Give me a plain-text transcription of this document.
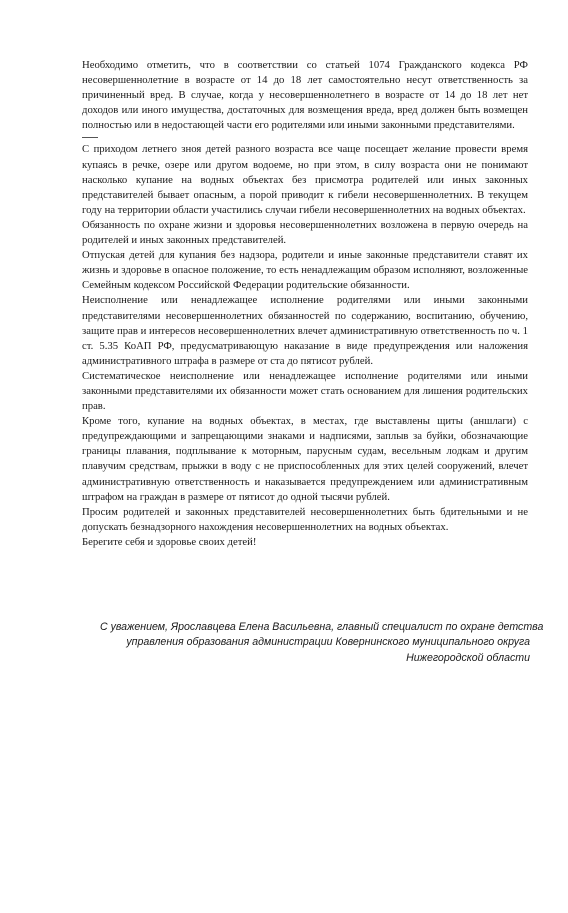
Необходимо отметить, что в соответствии со статьей 1074 Гражданского кодекса РФ несовершеннолетние в возрасте от 14 до 18 лет самостоятельно несут ответственность за причиненный вред. В случае, когда у несовершеннолетнего в возрасте от 14 до 18 лет нет доходов или иного имущества, достаточных для возмещения вреда, вред должен быть возмещен полностью или в недостающей части его родителями или иными законными представителями.

С приходом летнего зноя детей разного возраста все чаще посещает желание провести время купаясь в речке, озере или другом водоеме, но при этом, в силу возраста они не понимают насколько купание на водных объектах без присмотра родителей или иных законных представителей бывает опасным, а порой приводит к гибели несовершеннолетних. В текущем году на территории области участились случаи гибели несовершеннолетних на водных объектах.

Обязанность по охране жизни и здоровья несовершеннолетних возложена в первую очередь на родителей и иных законных представителей.

Отпуская детей для купания без надзора, родители и иные законные представители ставят их жизнь и здоровье в опасное положение, то есть ненадлежащим образом исполняют, возложенные Семейным кодексом Российской Федерации родительские обязанности.

Неисполнение или ненадлежащее исполнение родителями или иными законными представителями несовершеннолетних обязанностей по содержанию, воспитанию, обучению, защите прав и интересов несовершеннолетних влечет административную ответственность по ч. 1 ст. 5.35 КоАП РФ, предусматривающую наказание в виде предупреждения или наложения административного штрафа в размере от ста до пятисот рублей.

Систематическое неисполнение или ненадлежащее исполнение родителями или иными законными представителями их обязанности может стать основанием для лишения родительских прав.

Кроме того, купание на водных объектах, в местах, где выставлены щиты (аншлаги) с предупреждающими и запрещающими знаками и надписями, заплыв за буйки, обозначающие границы плавания, подплывание к моторным, парусным судам, весельным лодкам и другим плавучим средствам, прыжки в воду с не приспособленных для этих целей сооружений, влечет административную ответственность и наказывается предупреждением или административным штрафом на граждан в размере от пятисот до одной тысячи рублей.

Просим родителей и законных представителей несовершеннолетних быть бдительными и не допускать безнадзорного нахождения несовершеннолетних на водных объектах.

Берегите себя и здоровье своих детей!

С уважением, Ярославцева Елена Васильевна, главный специалист по охране детства
управления образования администрации Ковернинского муниципального округа
Нижегородской области
